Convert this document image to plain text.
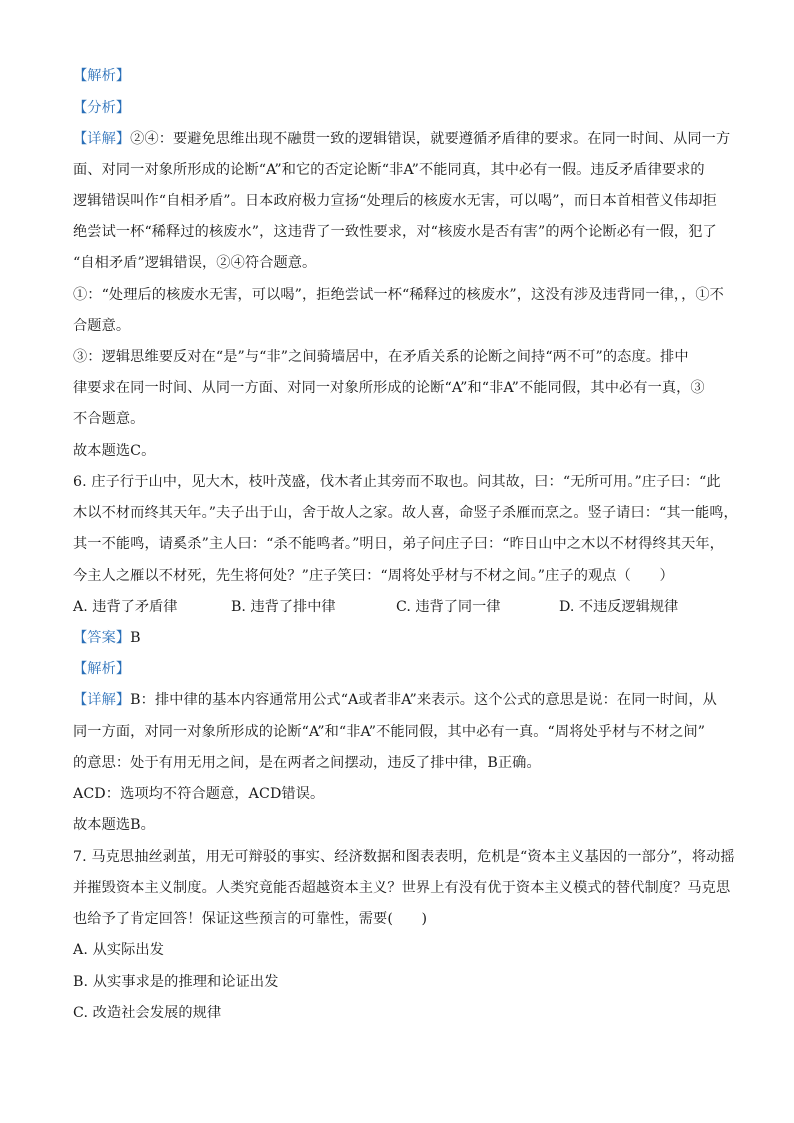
【解析】
【分析】
【详解】②④：要避免思维出现不融贯一致的逻辑错误，就要遵循矛盾律的要求。在同一时间、从同一方
面、对同一对象所形成的论断“A”和它的否定论断“非A”不能同真，其中必有一假。违反矛盾律要求的
逻辑错误叫作“自相矛盾”。日本政府极力宣扬“处理后的核废水无害，可以喝”，而日本首相菅义伟却拒
绝尝试一杯“稀释过的核废水”，这违背了一致性要求，对“核废水是否有害”的两个论断必有一假，犯了
“自相矛盾”逻辑错误，②④符合题意。
①：“处理后的核废水无害，可以喝”，拒绝尝试一杯“稀释过的核废水”，这没有涉及违背同一律，，①不
合题意。
③：逻辑思维要反对在“是”与“非”之间骑墙居中，在矛盾关系的论断之间持“两不可”的态度。排中
律要求在同一时间、从同一方面、对同一对象所形成的论断“A”和“非A”不能同假，其中必有一真，③
不合题意。
故本题选C。
6. 庄子行于山中，见大木，枝叶茂盛，伐木者止其旁而不取也。问其故，曰：“无所可用。”庄子曰：“此
木以不材而终其天年。”夫子出于山，舍于故人之家。故人喜，命竖子杀雁而烹之。竖子请曰：“其一能鸣，
其一不能鸣，请奚杀”主人曰：“杀不能鸣者。”明日，弟子问庄子曰：“昨日山中之木以不材得终其天年，
今主人之雁以不材死，先生将何处？”庄子笑曰：“周将处乎材与不材之间。”庄子的观点（　　）
A. 违背了矛盾律	B. 违背了排中律	C. 违背了同一律	D. 不违反逻辑规律
【答案】B
【解析】
【详解】B：排中律的基本内容通常用公式“A或者非A”来表示。这个公式的意思是说：在同一时间，从
同一方面，对同一对象所形成的论断“A”和“非A”不能同假，其中必有一真。“周将处乎材与不材之间”
的意思：处于有用无用之间，是在两者之间摆动，违反了排中律，B正确。
ACD：选项均不符合题意，ACD错误。
故本题选B。
7. 马克思抽丝剥茧，用无可辩驳的事实、经济数据和图表表明，危机是“资本主义基因的一部分”，将动摇
并摧毁资本主义制度。人类究竟能否超越资本主义？世界上有没有优于资本主义模式的替代制度？马克思
也给予了肯定回答！保证这些预言的可靠性，需要(　　)
A. 从实际出发
B. 从实事求是的推理和论证出发
C. 改造社会发展的规律
